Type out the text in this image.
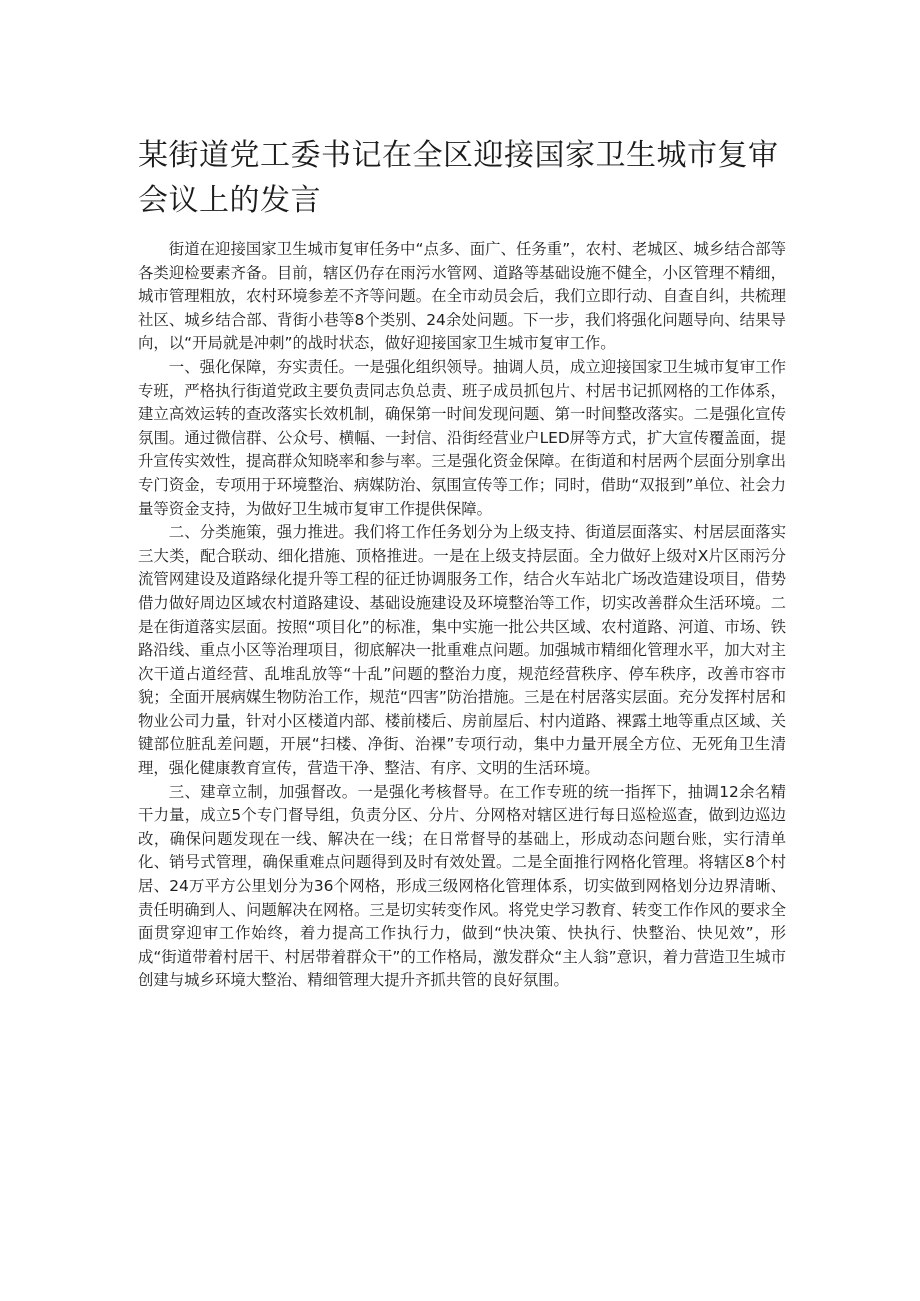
某街道党工委书记在全区迎接国家卫生城市复审会议上的发言

街道在迎接国家卫生城市复审任务中“点多、面广、任务重”，农村、老城区、城乡结合部等各类迎检要素齐备。目前，辖区仍存在雨污水管网、道路等基础设施不健全，小区管理不精细，城市管理粗放，农村环境参差不齐等问题。在全市动员会后，我们立即行动、自查自纠，共梳理社区、城乡结合部、背街小巷等8个类别、24余处问题。下一步，我们将强化问题导向、结果导向，以“开局就是冲刺”的战时状态，做好迎接国家卫生城市复审工作。

一、强化保障，夯实责任。一是强化组织领导。抽调人员，成立迎接国家卫生城市复审工作专班，严格执行街道党政主要负责同志负总责、班子成员抓包片、村居书记抓网格的工作体系，建立高效运转的查改落实长效机制，确保第一时间发现问题、第一时间整改落实。二是强化宣传氛围。通过微信群、公众号、横幅、一封信、沿街经营业户LED屏等方式，扩大宣传覆盖面，提升宣传实效性，提高群众知晓率和参与率。三是强化资金保障。在街道和村居两个层面分别拿出专门资金，专项用于环境整治、病媒防治、氛围宣传等工作；同时，借助“双报到”单位、社会力量等资金支持，为做好卫生城市复审工作提供保障。

二、分类施策，强力推进。我们将工作任务划分为上级支持、街道层面落实、村居层面落实三大类，配合联动、细化措施、顶格推进。一是在上级支持层面。全力做好上级对X片区雨污分流管网建设及道路绿化提升等工程的征迁协调服务工作，结合火车站北广场改造建设项目，借势借力做好周边区域农村道路建设、基础设施建设及环境整治等工作，切实改善群众生活环境。二是在街道落实层面。按照“项目化”的标准，集中实施一批公共区域、农村道路、河道、市场、铁路沿线、重点小区等治理项目，彻底解决一批重难点问题。加强城市精细化管理水平，加大对主次干道占道经营、乱堆乱放等“十乱”问题的整治力度，规范经营秩序、停车秩序，改善市容市貌；全面开展病媒生物防治工作，规范“四害”防治措施。三是在村居落实层面。充分发挥村居和物业公司力量，针对小区楼道内部、楼前楼后、房前屋后、村内道路、裸露土地等重点区域、关键部位脏乱差问题，开展“扫楼、净街、治裸”专项行动，集中力量开展全方位、无死角卫生清理，强化健康教育宣传，营造干净、整洁、有序、文明的生活环境。

三、建章立制，加强督改。一是强化考核督导。在工作专班的统一指挥下，抽调12余名精干力量，成立5个专门督导组，负责分区、分片、分网格对辖区进行每日巡检巡查，做到边巡边改，确保问题发现在一线、解决在一线；在日常督导的基础上，形成动态问题台账，实行清单化、销号式管理，确保重难点问题得到及时有效处置。二是全面推行网格化管理。将辖区8个村居、24万平方公里划分为36个网格，形成三级网格化管理体系，切实做到网格划分边界清晰、责任明确到人、问题解决在网格。三是切实转变作风。将党史学习教育、转变工作作风的要求全面贯穿迎审工作始终，着力提高工作执行力，做到“快决策、快执行、快整治、快见效”，形成“街道带着村居干、村居带着群众干”的工作格局，激发群众“主人翁”意识，着力营造卫生城市创建与城乡环境大整治、精细管理大提升齐抓共管的良好氛围。
